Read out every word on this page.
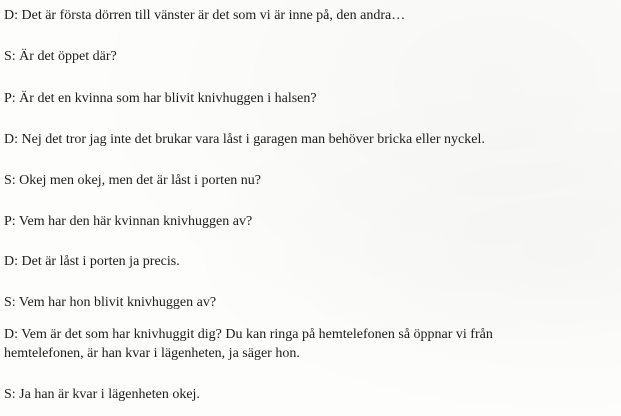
D: Det är första dörren till vänster är det som vi är inne på, den andra…

S: Är det öppet där?

P: Är det en kvinna som har blivit knivhuggen i halsen?

D: Nej det tror jag inte det brukar vara låst i garagen man behöver bricka eller nyckel.

S: Okej men okej, men det är låst i porten nu?

P: Vem har den här kvinnan knivhuggen av?

D: Det är låst i porten ja precis.

S: Vem har hon blivit knivhuggen av?

D: Vem är det som har knivhuggit dig? Du kan ringa på hemtelefonen så öppnar vi från

hemtelefonen, är han kvar i lägenheten, ja säger hon.

S: Ja han är kvar i lägenheten okej.
